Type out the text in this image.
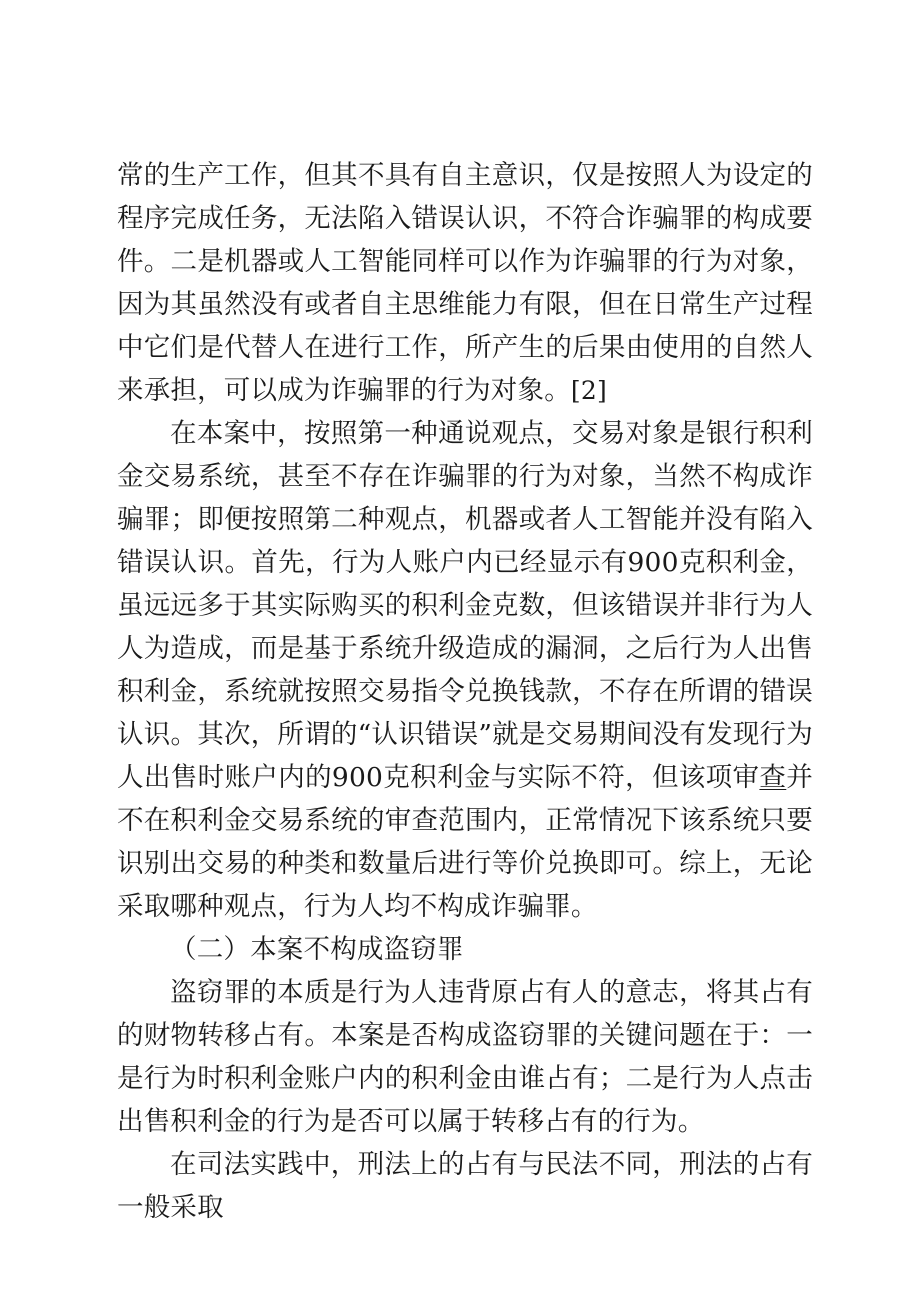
常的生产工作，但其不具有自主意识，仅是按照人为设定的程序完成任务，无法陷入错误认识，不符合诈骗罪的构成要件。二是机器或人工智能同样可以作为诈骗罪的行为对象，因为其虽然没有或者自主思维能力有限，但在日常生产过程中它们是代替人在进行工作，所产生的后果由使用的自然人来承担，可以成为诈骗罪的行为对象。[2]

在本案中，按照第一种通说观点，交易对象是银行积利金交易系统，甚至不存在诈骗罪的行为对象，当然不构成诈骗罪；即便按照第二种观点，机器或者人工智能并没有陷入错误认识。首先，行为人账户内已经显示有900克积利金，虽远远多于其实际购买的积利金克数，但该错误并非行为人人为造成，而是基于系统升级造成的漏洞，之后行为人出售积利金，系统就按照交易指令兑换钱款，不存在所谓的错误认识。其次，所谓的“认识错误”就是交易期间没有发现行为人出售时账户内的900克积利金与实际不符，但该项审查并不在积利金交易系统的审查范围内，正常情况下该系统只要识别出交易的种类和数量后进行等价兑换即可。综上，无论采取哪种观点，行为人均不构成诈骗罪。

（二）本案不构成盗窃罪

盗窃罪的本质是行为人违背原占有人的意志，将其占有的财物转移占有。本案是否构成盗窃罪的关键问题在于：一是行为时积利金账户内的积利金由谁占有；二是行为人点击出售积利金的行为是否可以属于转移占有的行为。

在司法实践中，刑法上的占有与民法不同，刑法的占有一般采取
